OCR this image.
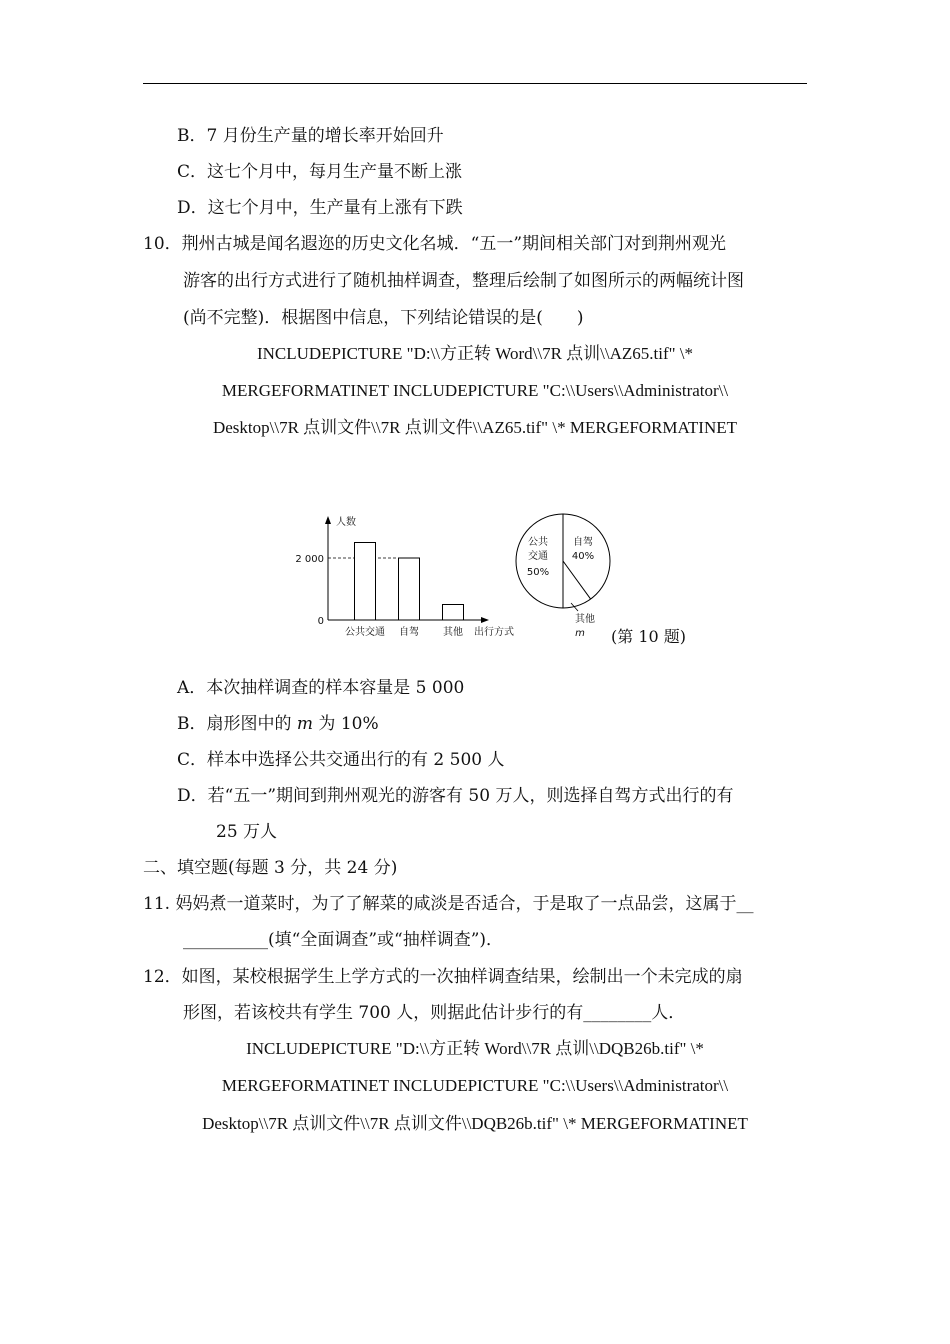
B．7 月份生产量的增长率开始回升
C．这七个月中，每月生产量不断上涨
D．这七个月中，生产量有上涨有下跌
10．荆州古城是闻名遐迩的历史文化名城．“五一”期间相关部门对到荆州观光
游客的出行方式进行了随机抽样调查，整理后绘制了如图所示的两幅统计图
(尚不完整)．根据图中信息，下列结论错误的是(　　)
INCLUDEPICTURE "D:\\方正转 Word\\7R 点训\\AZ65.tif" \*
MERGEFORMATINET INCLUDEPICTURE "C:\\Users\\Administrator\\
Desktop\\7R 点训文件\\7R 点训文件\\AZ65.tif" \* MERGEFORMATINET
人数
2 000
0
公共交通 自驾 其他 出行方式
公共
交通
50%
自驾
40%
其他
m (第 10 题)
A．本次抽样调查的样本容量是 5 000
B．扇形图中的 m 为 10%
C．样本中选择公共交通出行的有 2 500 人
D．若“五一”期间到荆州观光的游客有 50 万人，则选择自驾方式出行的有
25 万人
二、填空题(每题 3 分，共 24 分)
11. 妈妈煮一道菜时，为了了解菜的咸淡是否适合，于是取了一点品尝，这属于__
__________(填“全面调查”或“抽样调查”)．
12．如图，某校根据学生上学方式的一次抽样调查结果，绘制出一个未完成的扇
形图，若该校共有学生 700 人，则据此估计步行的有________人．
INCLUDEPICTURE "D:\\方正转 Word\\7R 点训\\DQB26b.tif" \*
MERGEFORMATINET INCLUDEPICTURE "C:\\Users\\Administrator\\
Desktop\\7R 点训文件\\7R 点训文件\\DQB26b.tif" \* MERGEFORMATINET
